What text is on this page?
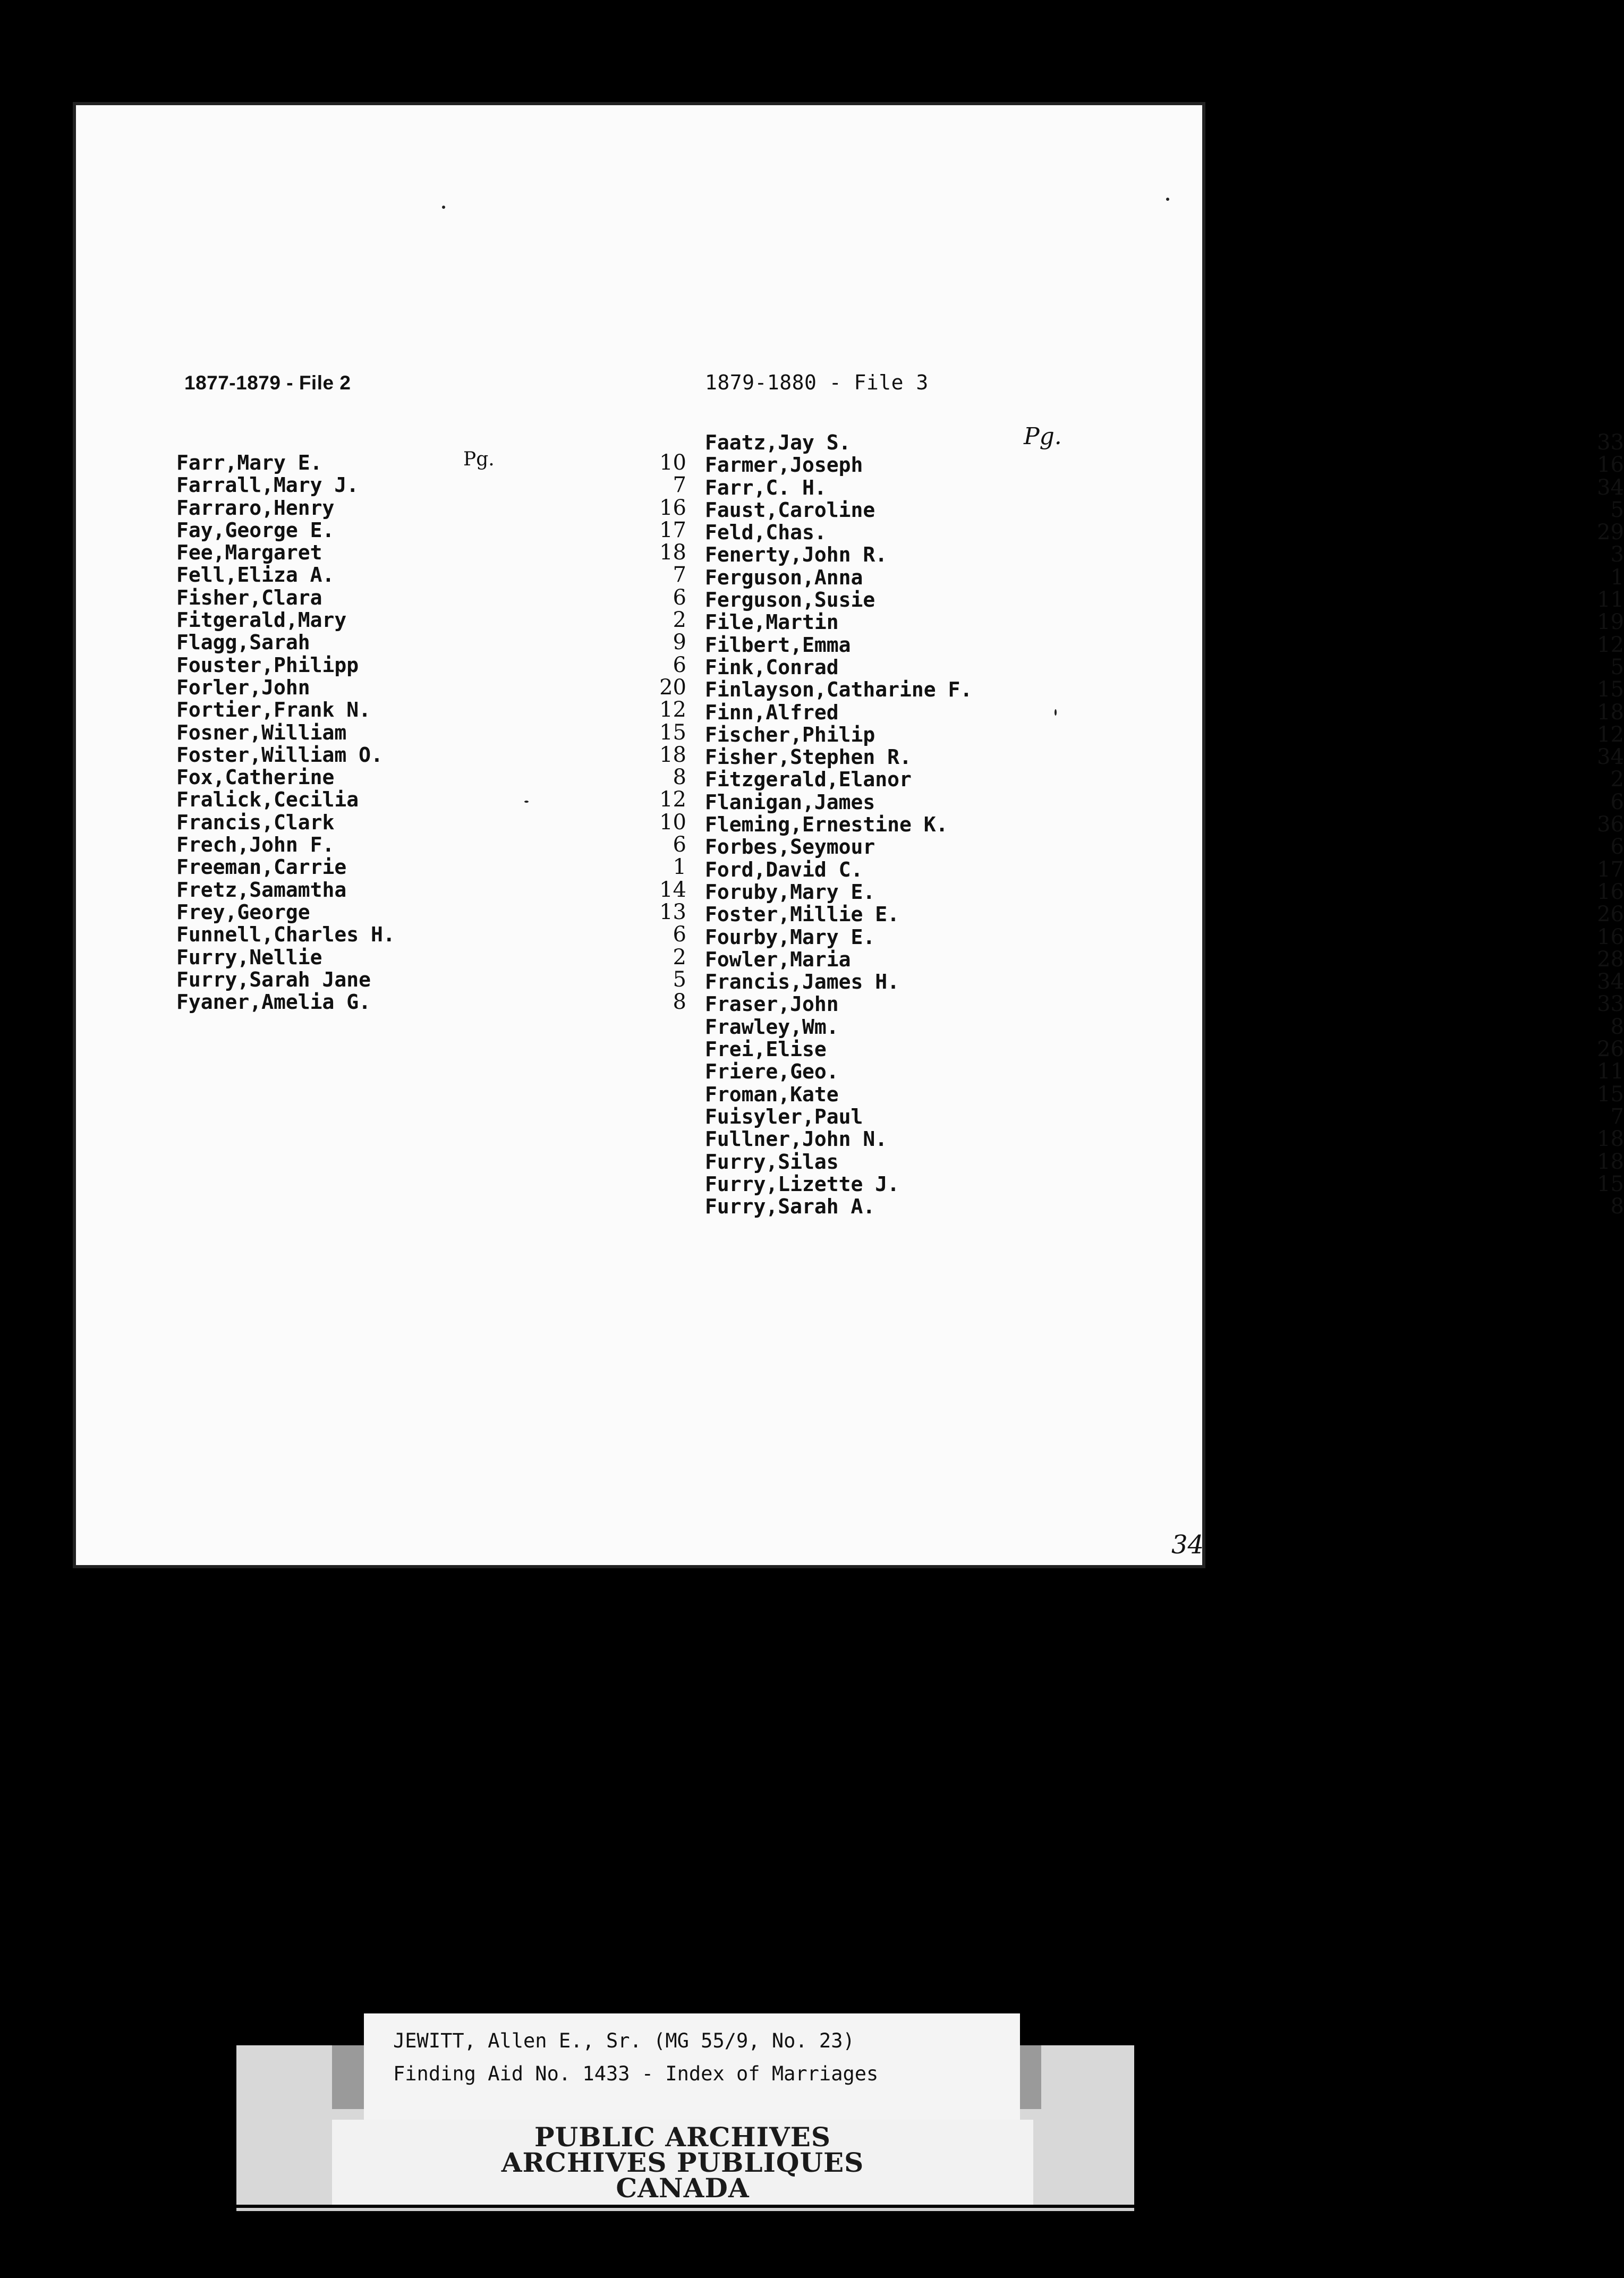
1877-1879 - File 2	1879-1880 - File 3
Pg.
Pg.
Farr,Mary E.	10
Farrall,Mary J.	7
Farraro,Henry	16
Fay,George E.	17
Fee,Margaret	18
Fell,Eliza A.	7
Fisher,Clara	6
Fitgerald,Mary	2
Flagg,Sarah	9
Fouster,Philipp	6
Forler,John	20
Fortier,Frank N.	12
Fosner,William	15
Foster,William O.	18
Fox,Catherine	8
Fralick,Cecilia	12
Francis,Clark	10
Frech,John F.	6
Freeman,Carrie	1
Fretz,Samamtha	14
Frey,George	13
Funnell,Charles H.	6
Furry,Nellie	2
Furry,Sarah Jane	5
Fyaner,Amelia G.	8
Faatz,Jay S.	33
Farmer,Joseph	16
Farr,C. H.	34
Faust,Caroline	5
Feld,Chas.	29
Fenerty,John R.	3
Ferguson,Anna	1
Ferguson,Susie	11
File,Martin	19
Filbert,Emma	12
Fink,Conrad	5
Finlayson,Catharine F.	15
Finn,Alfred	18
Fischer,Philip	12
Fisher,Stephen R.	34
Fitzgerald,Elanor	2
Flanigan,James	6
Fleming,Ernestine K.	36
Forbes,Seymour	6
Ford,David C.	17
Foruby,Mary E.	16
Foster,Millie E.	26
Fourby,Mary E.	16
Fowler,Maria	28
Francis,James H.	34
Fraser,John	33
Frawley,Wm.	8
Frei,Elise	26
Friere,Geo.	11
Froman,Kate	15
Fuisyler,Paul	7
Fullner,John N.	18
Furry,Silas	18
Furry,Lizette J.	15
Furry,Sarah A.	8
34
PUBLIC ARCHIVES
ARCHIVES PUBLIQUES
CANADA
JEWITT, Allen E., Sr. (MG 55/9, No. 23)
Finding Aid No. 1433 - Index of Marriages
